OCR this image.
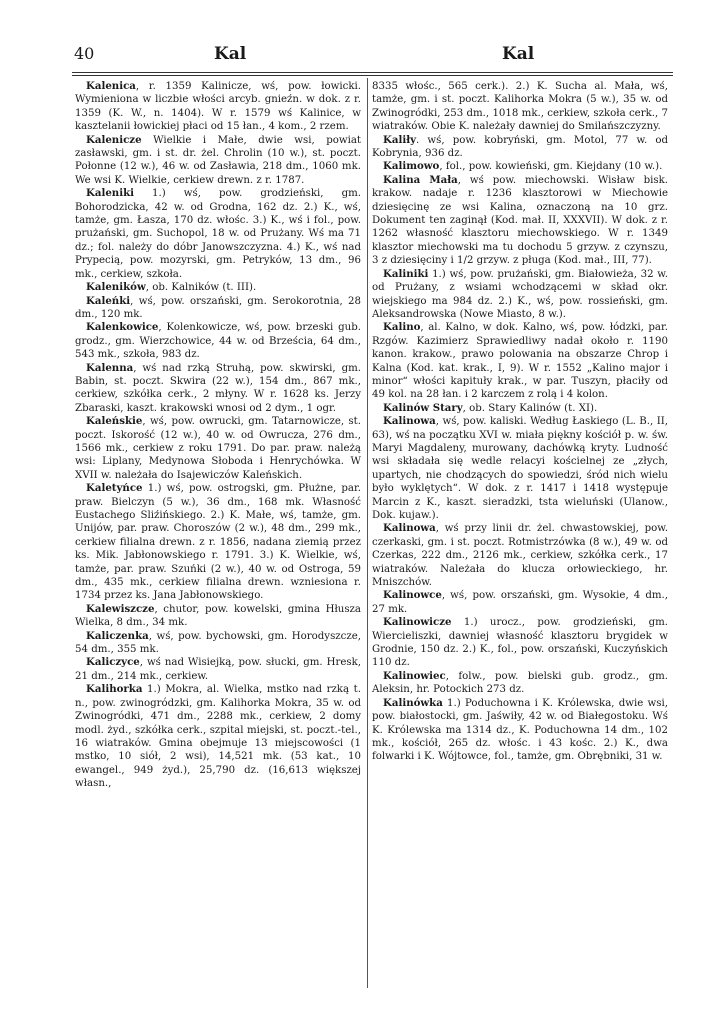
40	Kal	Kal

Kalenica, r. 1359 Kalinicze, wś, pow. łowicki. Wymieniona w liczbie włości arcyb. gnieźn. w dok. z r. 1359 (K. W., n. 1404). W r. 1579 wś Kalinice, w kasztelanii łowickiej płaci od 15 łan., 4 kom., 2 rzem.

Kalenicze Wielkie i Małe, dwie wsi, powiat zasławski, gm. i st. dr. żel. Chrolin (10 w.), st. poczt. Połonne (12 w.), 46 w. od Zasławia, 218 dm., 1060 mk. We wsi K. Wielkie, cerkiew drewn. z r. 1787.

Kaleniki 1.) wś, pow. grodzieński, gm. Bohorodzicka, 42 w. od Grodna, 162 dz. 2.) K., wś, tamże, gm. Łasza, 170 dz. włośc. 3.) K., wś i fol., pow. prużański, gm. Suchopol, 18 w. od Prużany. Wś ma 71 dz.; fol. należy do dóbr Janowszczyzna. 4.) K., wś nad Prypecią, pow. mozyrski, gm. Petryków, 13 dm., 96 mk., cerkiew, szkoła.

Kaleników, ob. Kalników (t. III).

Kaleńki, wś, pow. orszański, gm. Serokorotnia, 28 dm., 120 mk.

Kalenkowice, Kolenkowicze, wś, pow. brzeski gub. grodz., gm. Wierzchowice, 44 w. od Brześcia, 64 dm., 543 mk., szkoła, 983 dz.

Kalenna, wś nad rzką Struhą, pow. skwirski, gm. Babin, st. poczt. Skwira (22 w.), 154 dm., 867 mk., cerkiew, szkółka cerk., 2 młyny. W r. 1628 ks. Jerzy Zbaraski, kaszt. krakowski wnosi od 2 dym., 1 ogr.

Kaleńskie, wś, pow. owrucki, gm. Tatarnowicze, st. poczt. Iskorość (12 w.), 40 w. od Owrucza, 276 dm., 1566 mk., cerkiew z roku 1791. Do par. praw. należą wsi: Liplany, Medynowa Słoboda i Henrychówka. W XVII w. należała do Isajewiczów Kaleńskich.

Kaletyńce 1.) wś, pow. ostrogski, gm. Płużne, par. praw. Bielczyn (5 w.), 36 dm., 168 mk. Własność Eustachego Sliźińskiego. 2.) K. Małe, wś, tamże, gm. Unijów, par. praw. Choroszów (2 w.), 48 dm., 299 mk., cerkiew filialna drewn. z r. 1856, nadana ziemią przez ks. Mik. Jabłonowskiego r. 1791. 3.) K. Wielkie, wś, tamże, par. praw. Szuńki (2 w.), 40 w. od Ostroga, 59 dm., 435 mk., cerkiew filialna drewn. wzniesiona r. 1734 przez ks. Jana Jabłonowskiego.

Kalewiszcze, chutor, pow. kowelski, gmina Hłusza Wielka, 8 dm., 34 mk.

Kaliczenka, wś, pow. bychowski, gm. Horodyszcze, 54 dm., 355 mk.

Kaliczyce, wś nad Wisiejką, pow. słucki, gm. Hresk, 21 dm., 214 mk., cerkiew.

Kalihorka 1.) Mokra, al. Wielka, mstko nad rzką t. n., pow. zwinogródzki, gm. Kalihorka Mokra, 35 w. od Zwinogródki, 471 dm., 2288 mk., cerkiew, 2 domy modl. żyd., szkółka cerk., szpital miejski, st. poczt.-tel., 16 wiatraków. Gmina obejmuje 13 miejscowości (1 mstko, 10 siół, 2 wsi), 14,521 mk. (53 kat., 10 ewangel., 949 żyd.), 25,790 dz. (16,613 większej własn.,

8335 włośc., 565 cerk.). 2.) K. Sucha al. Mała, wś, tamże, gm. i st. poczt. Kalihorka Mokra (5 w.), 35 w. od Zwinogródki, 253 dm., 1018 mk., cerkiew, szkoła cerk., 7 wiatraków. Obie K. należały dawniej do Smilańszczyzny.

Kaliły. wś, pow. kobryński, gm. Motol, 77 w. od Kobrynia, 936 dz.

Kalimowo, fol., pow. kowieński, gm. Kiejdany (10 w.).

Kalina Mała, wś pow. miechowski. Wisław bisk. krakow. nadaje r. 1236 klasztorowi w Miechowie dziesięcinę ze wsi Kalina, oznaczoną na 10 grz. Dokument ten zaginął (Kod. mał. II, XXXVII). W dok. z r. 1262 własność klasztoru miechowskiego. W r. 1349 klasztor miechowski ma tu dochodu 5 grzyw. z czynszu, 3 z dziesięciny i 1/2 grzyw. z pługa (Kod. mał., III, 77).

Kaliniki 1.) wś, pow. prużański, gm. Białowieża, 32 w. od Prużany, z wsiami wchodzącemi w skład okr. wiejskiego ma 984 dz. 2.) K., wś, pow. rossieński, gm. Aleksandrowska (Nowe Miasto, 8 w.).

Kalino, al. Kalno, w dok. Kalno, wś, pow. łódzki, par. Rzgów. Kazimierz Sprawiedliwy nadał około r. 1190 kanon. krakow., prawo polowania na obszarze Chrop i Kalna (Kod. kat. krak., I, 9). W r. 1552 „Kalino major i minor“ włości kapituły krak., w par. Tuszyn, płaciły od 49 kol. na 28 łan. i 2 karczem z rolą i 4 kolon.

Kalinów Stary, ob. Stary Kalinów (t. XI).

Kalinowa, wś, pow. kaliski. Według Łaskiego (L. B., II, 63), wś na początku XVI w. miała piękny kościół p. w. św. Maryi Magdaleny, murowany, dachówką kryty. Ludność wsi składała się wedle relacyi kościelnej ze „złych, upartych, nie chodzących do spowiedzi, śród nich wielu było wyklętych“. W dok. z r. 1417 i 1418 występuje Marcin z K., kaszt. sieradzki, tsta wieluński (Ulanow., Dok. kujaw.).

Kalinowa, wś przy linii dr. żel. chwastowskiej, pow. czerkaski, gm. i st. poczt. Rotmistrzówka (8 w.), 49 w. od Czerkas, 222 dm., 2126 mk., cerkiew, szkółka cerk., 17 wiatraków. Należała do klucza orłowieckiego, hr. Mniszchów.

Kalinowce, wś, pow. orszański, gm. Wysokie, 4 dm., 27 mk.

Kalinowicze 1.) urocz., pow. grodzieński, gm. Wiercieliszki, dawniej własność klasztoru brygidek w Grodnie, 150 dz. 2.) K., fol., pow. orszański, Kuczyńskich 110 dz.

Kalinowiec, folw., pow. bielski gub. grodz., gm. Aleksin, hr. Potockich 273 dz.

Kalinówka 1.) Poduchowna i K. Królewska, dwie wsi, pow. białostocki, gm. Jaświły, 42 w. od Białegostoku. Wś K. Królewska ma 1314 dz., K. Poduchowna 14 dm., 102 mk., kościół, 265 dz. włośc. i 43 kośc. 2.) K., dwa folwarki i K. Wójtowce, fol., tamże, gm. Obrębniki, 31 w.
